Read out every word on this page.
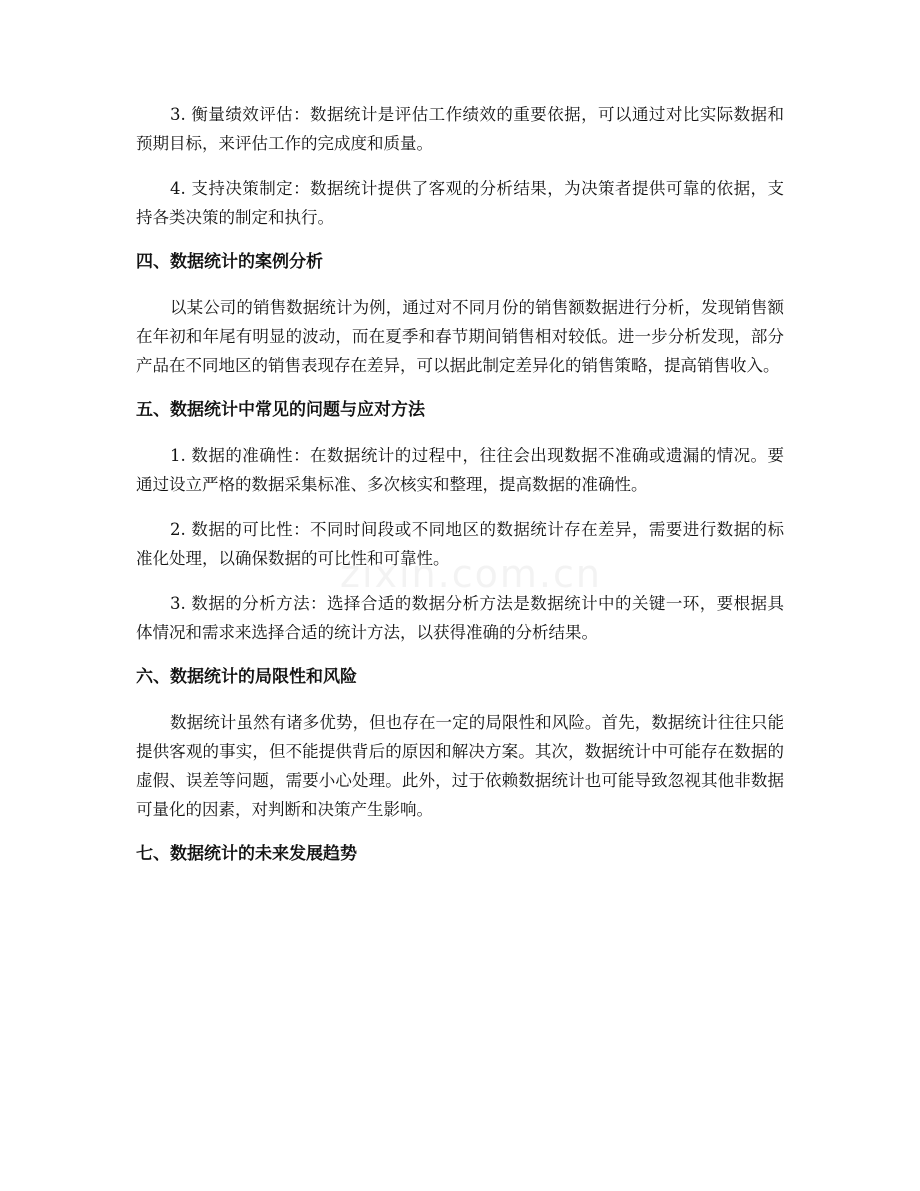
3. 衡量绩效评估：数据统计是评估工作绩效的重要依据，可以通过对比实际数据和预期目标，来评估工作的完成度和质量。

4. 支持决策制定：数据统计提供了客观的分析结果，为决策者提供可靠的依据，支持各类决策的制定和执行。

四、数据统计的案例分析

以某公司的销售数据统计为例，通过对不同月份的销售额数据进行分析，发现销售额在年初和年尾有明显的波动，而在夏季和春节期间销售相对较低。进一步分析发现，部分产品在不同地区的销售表现存在差异，可以据此制定差异化的销售策略，提高销售收入。

五、数据统计中常见的问题与应对方法

1. 数据的准确性：在数据统计的过程中，往往会出现数据不准确或遗漏的情况。要通过设立严格的数据采集标准、多次核实和整理，提高数据的准确性。

2. 数据的可比性：不同时间段或不同地区的数据统计存在差异，需要进行数据的标准化处理，以确保数据的可比性和可靠性。

3. 数据的分析方法：选择合适的数据分析方法是数据统计中的关键一环，要根据具体情况和需求来选择合适的统计方法，以获得准确的分析结果。

六、数据统计的局限性和风险

数据统计虽然有诸多优势，但也存在一定的局限性和风险。首先，数据统计往往只能提供客观的事实，但不能提供背后的原因和解决方案。其次，数据统计中可能存在数据的虚假、误差等问题，需要小心处理。此外，过于依赖数据统计也可能导致忽视其他非数据可量化的因素，对判断和决策产生影响。

七、数据统计的未来发展趋势
zixin.com.cn
